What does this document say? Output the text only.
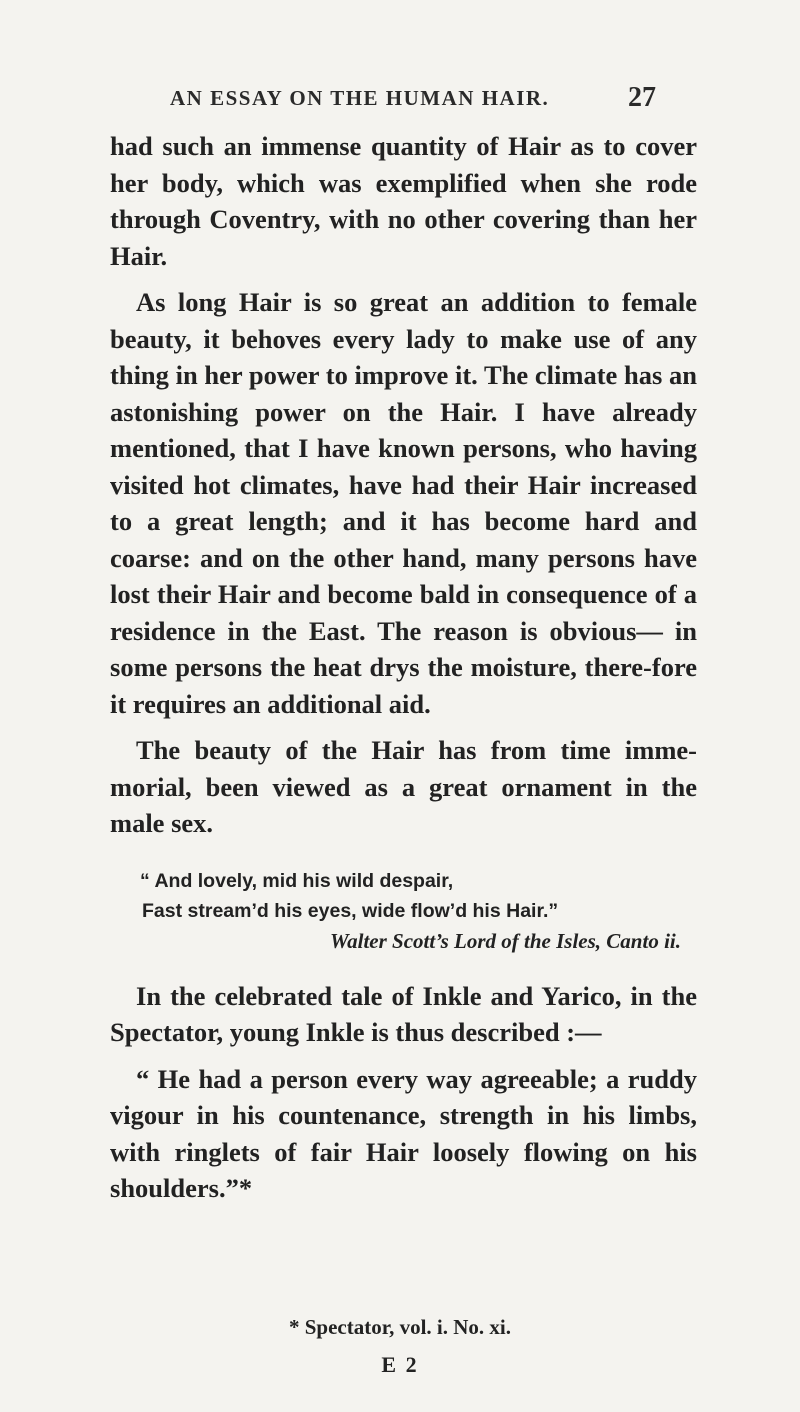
AN ESSAY ON THE HUMAN HAIR.	27

had such an immense quantity of Hair as to cover her body, which was exemplified when she rode through Coventry, with no other covering than her Hair.

As long Hair is so great an addition to female beauty, it behoves every lady to make use of any thing in her power to improve it. The climate has an astonishing power on the Hair. I have already mentioned, that I have known persons, who having visited hot climates, have had their Hair increased to a great length; and it has become hard and coarse: and on the other hand, many persons have lost their Hair and become bald in consequence of a residence in the East. The reason is obvious— in some persons the heat drys the moisture, there-fore it requires an additional aid.

The beauty of the Hair has from time imme-morial, been viewed as a great ornament in the male sex.

“ And lovely, mid his wild despair,
Fast stream’d his eyes, wide flow’d his Hair.”
Walter Scott’s Lord of the Isles, Canto ii.

In the celebrated tale of Inkle and Yarico, in the Spectator, young Inkle is thus described :—

“ He had a person every way agreeable; a ruddy vigour in his countenance, strength in his limbs, with ringlets of fair Hair loosely flowing on his shoulders.”*

* Spectator, vol. i. No. xi.
E 2
